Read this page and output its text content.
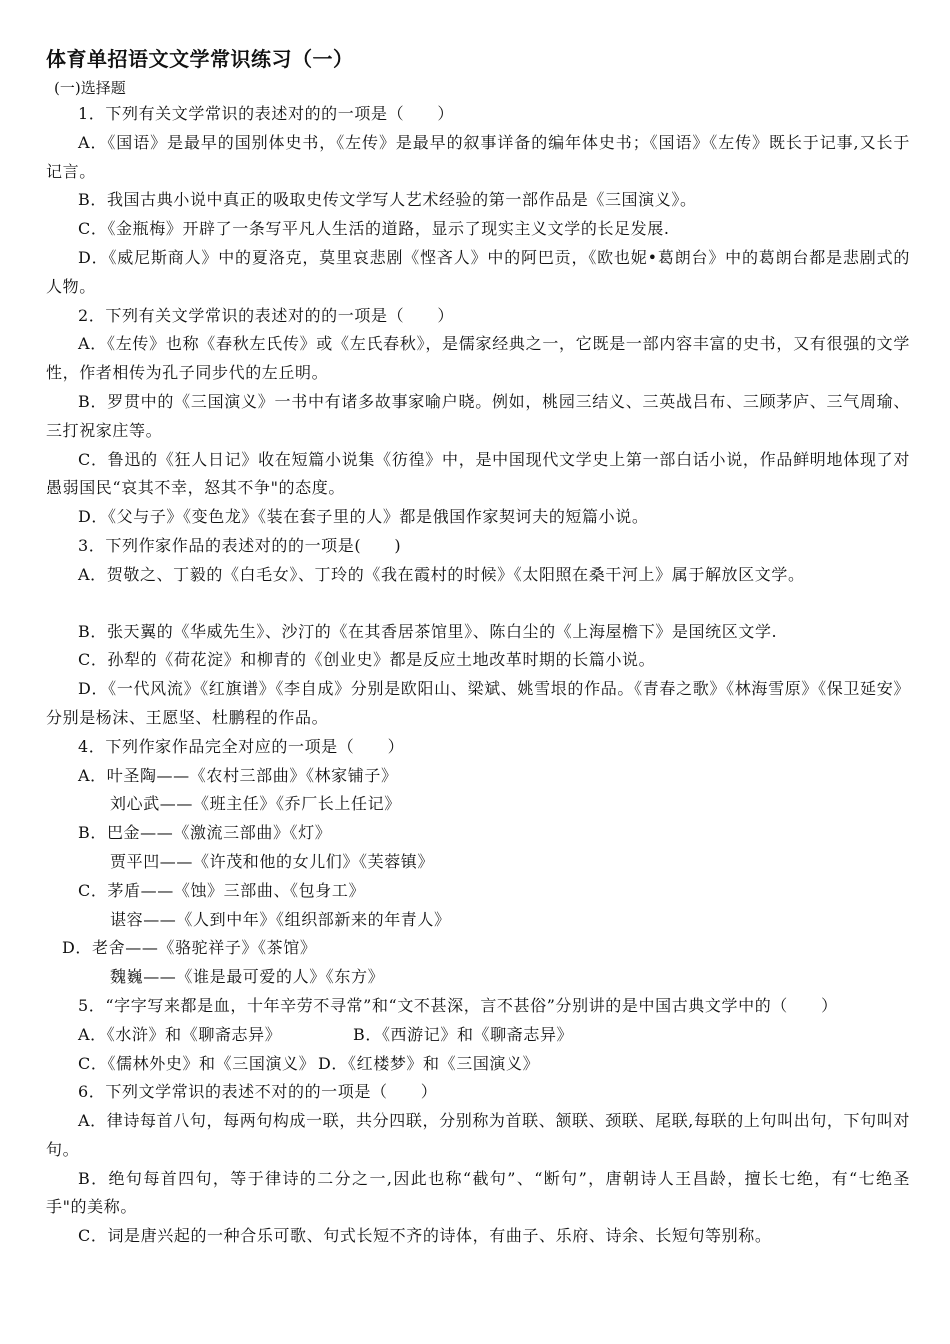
体育单招语文文学常识练习（一）
(一)选择题

1．下列有关文学常识的表述对的的一项是（　　）

A．《国语》是最早的国别体史书，《左传》是最早的叙事详备的编年体史书；《国语》《左传》既长于记事,又长于记言。

B．我国古典小说中真正的吸取史传文学写人艺术经验的第一部作品是《三国演义》。

C．《金瓶梅》开辟了一条写平凡人生活的道路，显示了现实主义文学的长足发展.

D．《威尼斯商人》中的夏洛克，莫里哀悲剧《悭吝人》中的阿巴贡，《欧也妮•葛朗台》中的葛朗台都是悲剧式的人物。

2．下列有关文学常识的表述对的的一项是（　　）

A．《左传》也称《春秋左氏传》或《左氏春秋》，是儒家经典之一，它既是一部内容丰富的史书，又有很强的文学性，作者相传为孔子同步代的左丘明。

B．罗贯中的《三国演义》一书中有诸多故事家喻户晓。例如，桃园三结义、三英战吕布、三顾茅庐、三气周瑜、三打祝家庄等。

C．鲁迅的《狂人日记》收在短篇小说集《彷徨》中，是中国现代文学史上第一部白话小说，作品鲜明地体现了对愚弱国民“哀其不幸，怒其不争"的态度。

D．《父与子》《变色龙》《装在套子里的人》都是俄国作家契诃夫的短篇小说。

3．下列作家作品的表述对的的一项是(　　)

A．贺敬之、丁毅的《白毛女》、丁玲的《我在霞村的时候》《太阳照在桑干河上》属于解放区文学。

B．张天翼的《华威先生》、沙汀的《在其香居茶馆里》、陈白尘的《上海屋檐下》是国统区文学.

C．孙犁的《荷花淀》和柳青的《创业史》都是反应土地改革时期的长篇小说。

D．《一代风流》《红旗谱》《李自成》分别是欧阳山、梁斌、姚雪垠的作品。《青春之歌》《林海雪原》《保卫延安》分别是杨沫、王愿坚、杜鹏程的作品。

4．下列作家作品完全对应的一项是（　　）

A．叶圣陶——《农村三部曲》《林家铺子》

刘心武——《班主任》《乔厂长上任记》

B．巴金——《激流三部曲》《灯》

贾平凹——《许茂和他的女儿们》《芙蓉镇》

C．茅盾——《蚀》三部曲、《包身工》

谌容——《人到中年》《组织部新来的年青人》

D．老舍——《骆驼祥子》《茶馆》

魏巍——《谁是最可爱的人》《东方》

5．“字字写来都是血，十年辛劳不寻常”和“文不甚深，言不甚俗”分别讲的是中国古典文学中的（　　）

A．《水浒》和《聊斋志异》	B．《西游记》和《聊斋志异》
C．《儒林外史》和《三国演义》 D．《红楼梦》和《三国演义》

6．下列文学常识的表述不对的的一项是（　　）

A．律诗每首八句，每两句构成一联，共分四联，分别称为首联、颔联、颈联、尾联,每联的上句叫出句，下句叫对句。

B．绝句每首四句，等于律诗的二分之一,因此也称“截句”、“断句”，唐朝诗人王昌龄，擅长七绝，有“七绝圣手"的美称。

C．词是唐兴起的一种合乐可歌、句式长短不齐的诗体，有曲子、乐府、诗余、长短句等别称。
